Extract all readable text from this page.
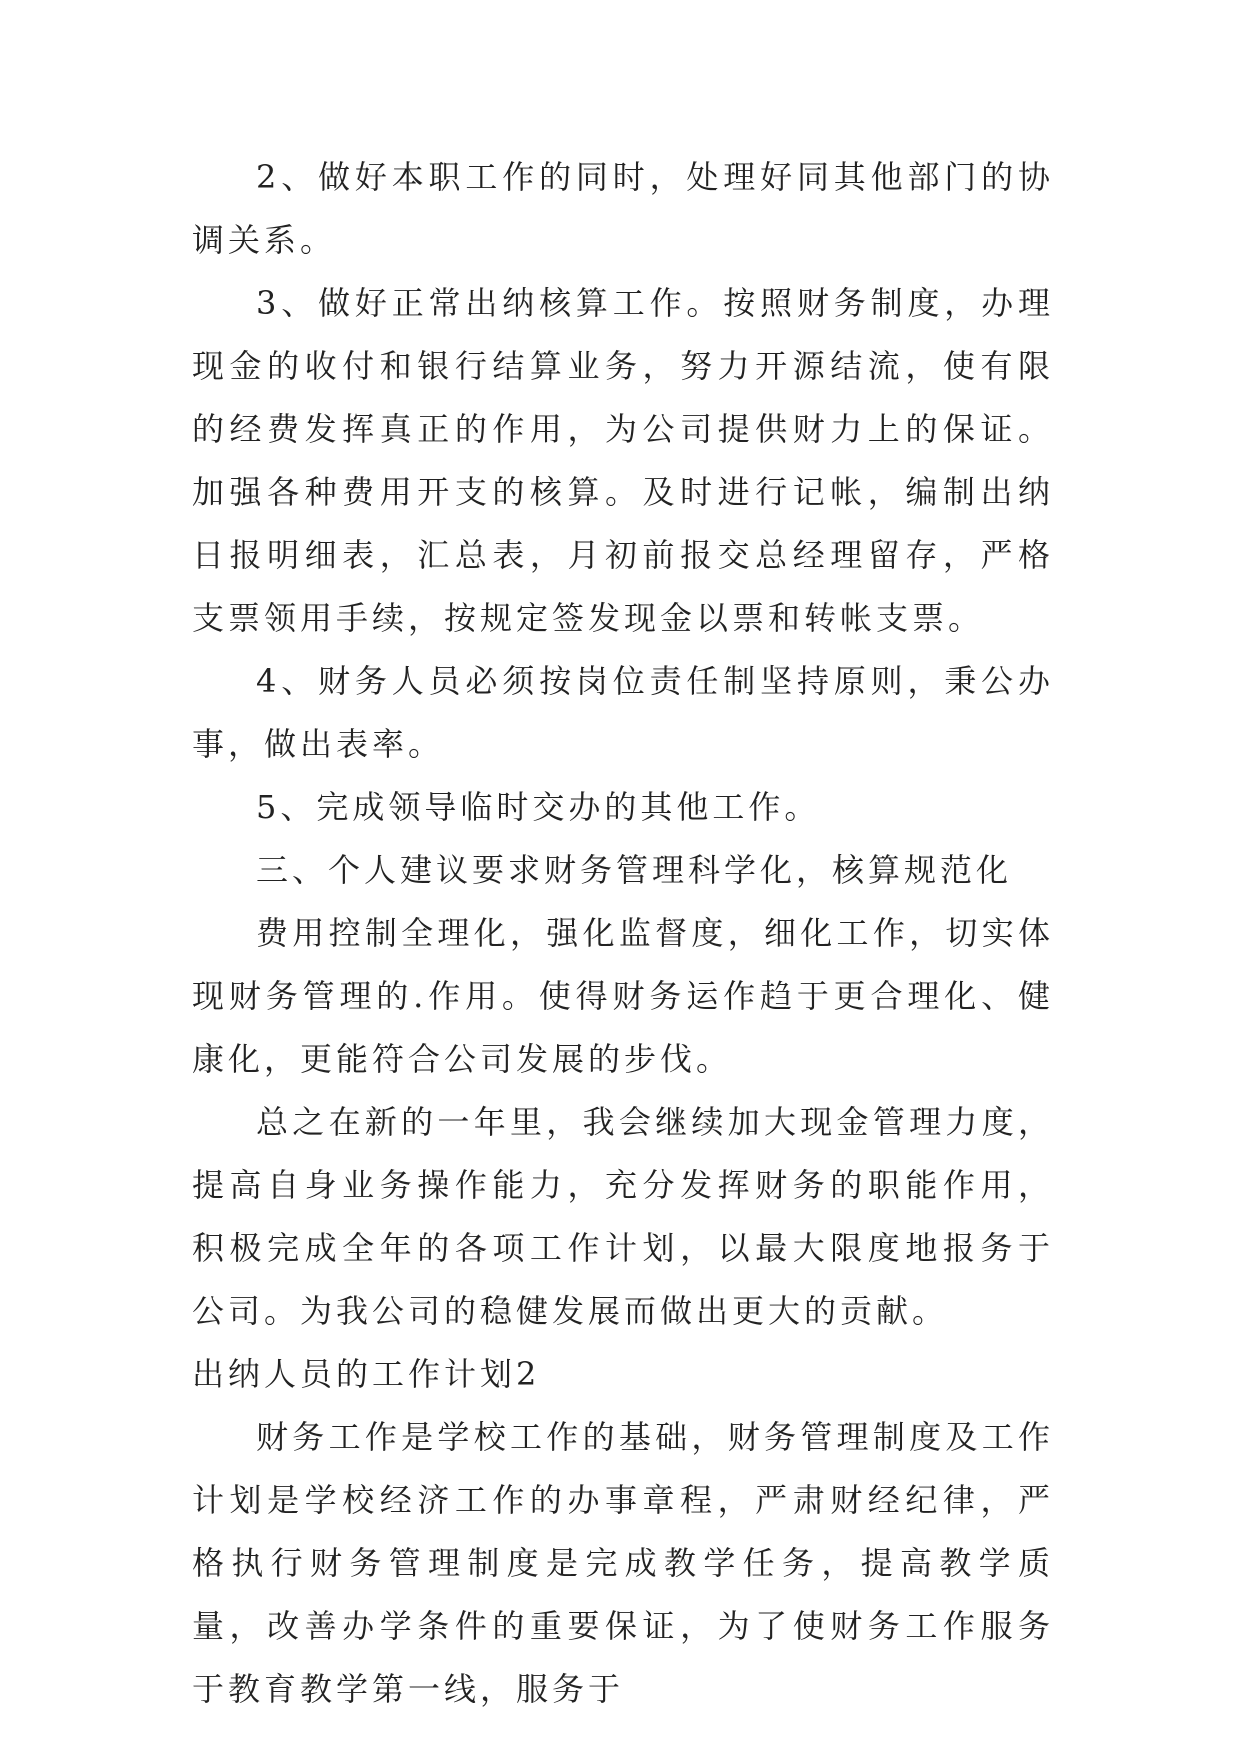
2、做好本职工作的同时，处理好同其他部门的协调关系。

3、做好正常出纳核算工作。按照财务制度，办理现金的收付和银行结算业务，努力开源结流，使有限的经费发挥真正的作用，为公司提供财力上的保证。加强各种费用开支的核算。及时进行记帐，编制出纳日报明细表，汇总表，月初前报交总经理留存，严格支票领用手续，按规定签发现金以票和转帐支票。

4、财务人员必须按岗位责任制坚持原则，秉公办事，做出表率。

5、完成领导临时交办的其他工作。

三、个人建议要求财务管理科学化，核算规范化

费用控制全理化，强化监督度，细化工作，切实体现财务管理的.作用。使得财务运作趋于更合理化、健康化，更能符合公司发展的步伐。

总之在新的一年里，我会继续加大现金管理力度，提高自身业务操作能力，充分发挥财务的职能作用，积极完成全年的各项工作计划，以最大限度地报务于公司。为我公司的稳健发展而做出更大的贡献。

出纳人员的工作计划2

财务工作是学校工作的基础，财务管理制度及工作计划是学校经济工作的办事章程，严肃财经纪律，严格执行财务管理制度是完成教学任务，提高教学质量，改善办学条件的重要保证，为了使财务工作服务于教育教学第一线，服务于
